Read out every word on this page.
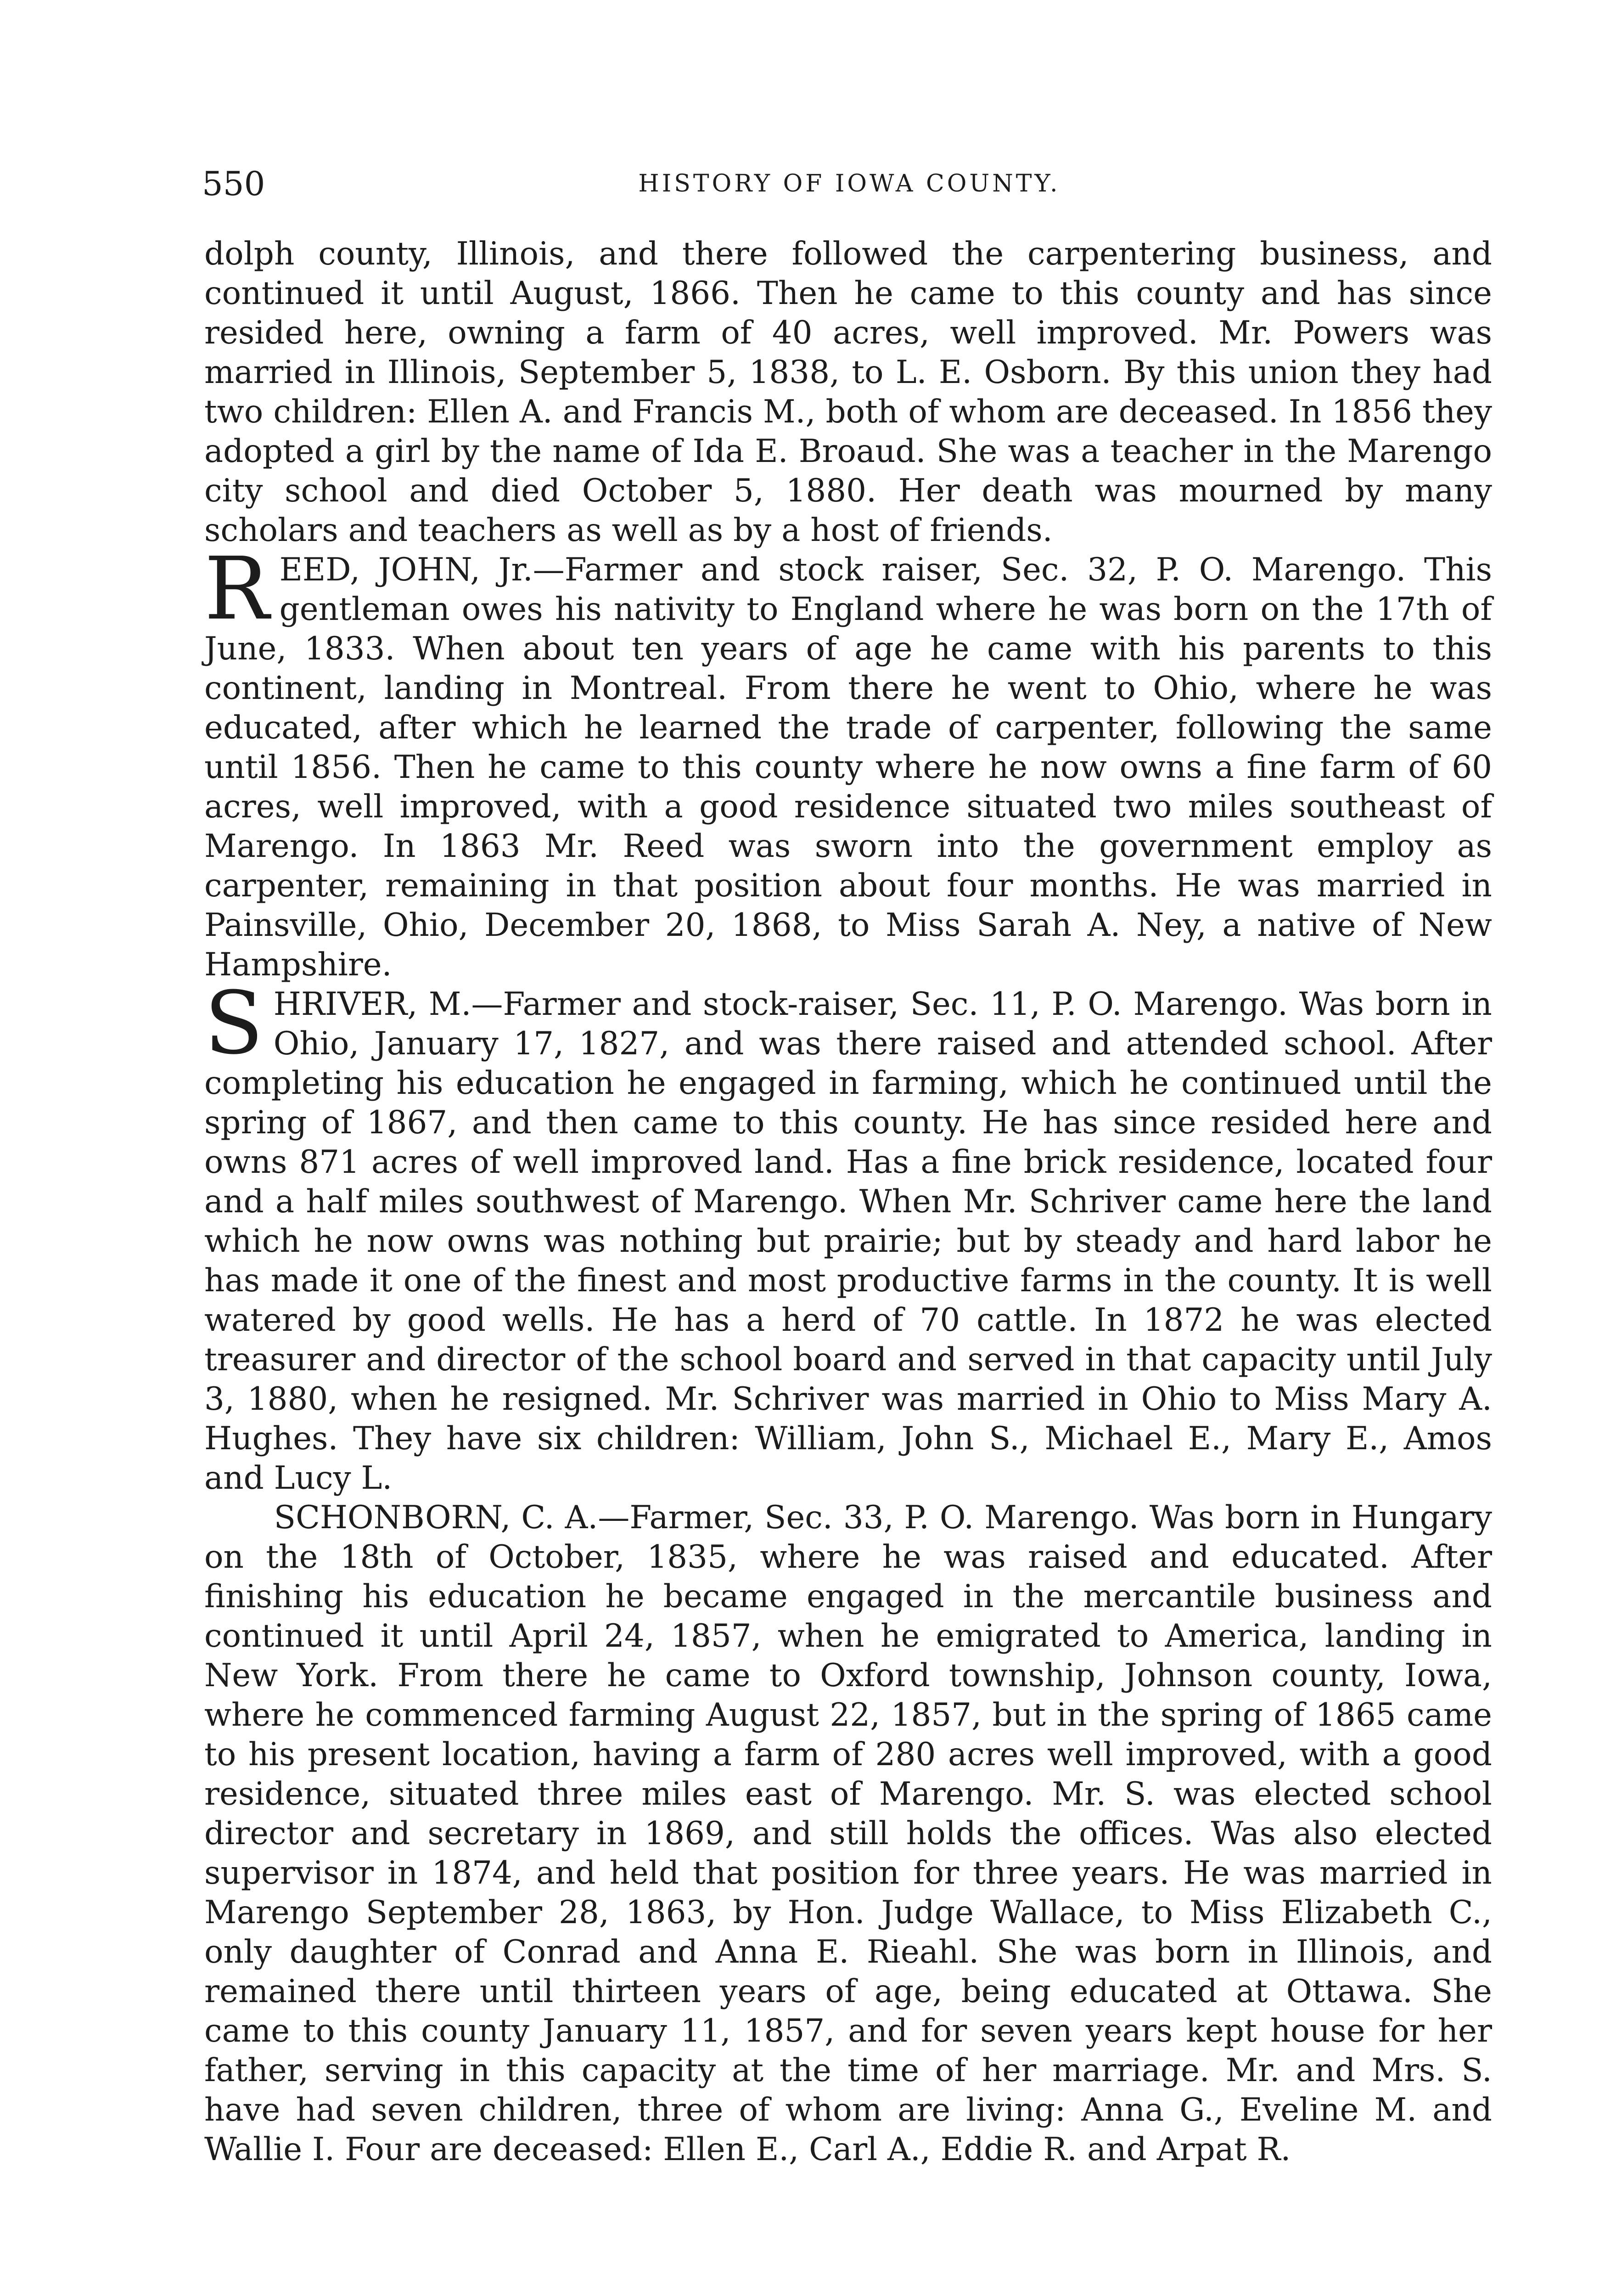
550	HISTORY OF IOWA COUNTY.

dolph county, Illinois, and there followed the carpentering business, and continued it until August, 1866. Then he came to this county and has since resided here, owning a farm of 40 acres, well improved. Mr. Powers was married in Illinois, September 5, 1838, to L. E. Osborn. By this union they had two children: Ellen A. and Francis M., both of whom are deceased. In 1856 they adopted a girl by the name of Ida E. Broaud. She was a teacher in the Marengo city school and died October 5, 1880. Her death was mourned by many scholars and teachers as well as by a host of friends.

REED, JOHN, Jr.—Farmer and stock raiser, Sec. 32, P. O. Marengo. This gentleman owes his nativity to England where he was born on the 17th of June, 1833. When about ten years of age he came with his parents to this continent, landing in Montreal. From there he went to Ohio, where he was educated, after which he learned the trade of carpenter, following the same until 1856. Then he came to this county where he now owns a fine farm of 60 acres, well improved, with a good residence situated two miles southeast of Marengo. In 1863 Mr. Reed was sworn into the government employ as carpenter, remaining in that position about four months. He was married in Painsville, Ohio, December 20, 1868, to Miss Sarah A. Ney, a native of New Hampshire.

SHRIVER, M.—Farmer and stock-raiser, Sec. 11, P. O. Marengo. Was born in Ohio, January 17, 1827, and was there raised and attended school. After completing his education he engaged in farming, which he continued until the spring of 1867, and then came to this county. He has since resided here and owns 871 acres of well improved land. Has a fine brick residence, located four and a half miles southwest of Marengo. When Mr. Schriver came here the land which he now owns was nothing but prairie; but by steady and hard labor he has made it one of the finest and most productive farms in the county. It is well watered by good wells. He has a herd of 70 cattle. In 1872 he was elected treasurer and director of the school board and served in that capacity until July 3, 1880, when he resigned. Mr. Schriver was married in Ohio to Miss Mary A. Hughes. They have six children: William, John S., Michael E., Mary E., Amos and Lucy L.

SCHONBORN, C. A.—Farmer, Sec. 33, P. O. Marengo. Was born in Hungary on the 18th of October, 1835, where he was raised and educated. After finishing his education he became engaged in the mercantile business and continued it until April 24, 1857, when he emigrated to America, landing in New York. From there he came to Oxford township, Johnson county, Iowa, where he commenced farming August 22, 1857, but in the spring of 1865 came to his present location, having a farm of 280 acres well improved, with a good residence, situated three miles east of Marengo. Mr. S. was elected school director and secretary in 1869, and still holds the offices. Was also elected supervisor in 1874, and held that position for three years. He was married in Marengo September 28, 1863, by Hon. Judge Wallace, to Miss Elizabeth C., only daughter of Conrad and Anna E. Rieahl. She was born in Illinois, and remained there until thirteen years of age, being educated at Ottawa. She came to this county January 11, 1857, and for seven years kept house for her father, serving in this capacity at the time of her marriage. Mr. and Mrs. S. have had seven children, three of whom are living: Anna G., Eveline M. and Wallie I. Four are deceased: Ellen E., Carl A., Eddie R. and Arpat R.
